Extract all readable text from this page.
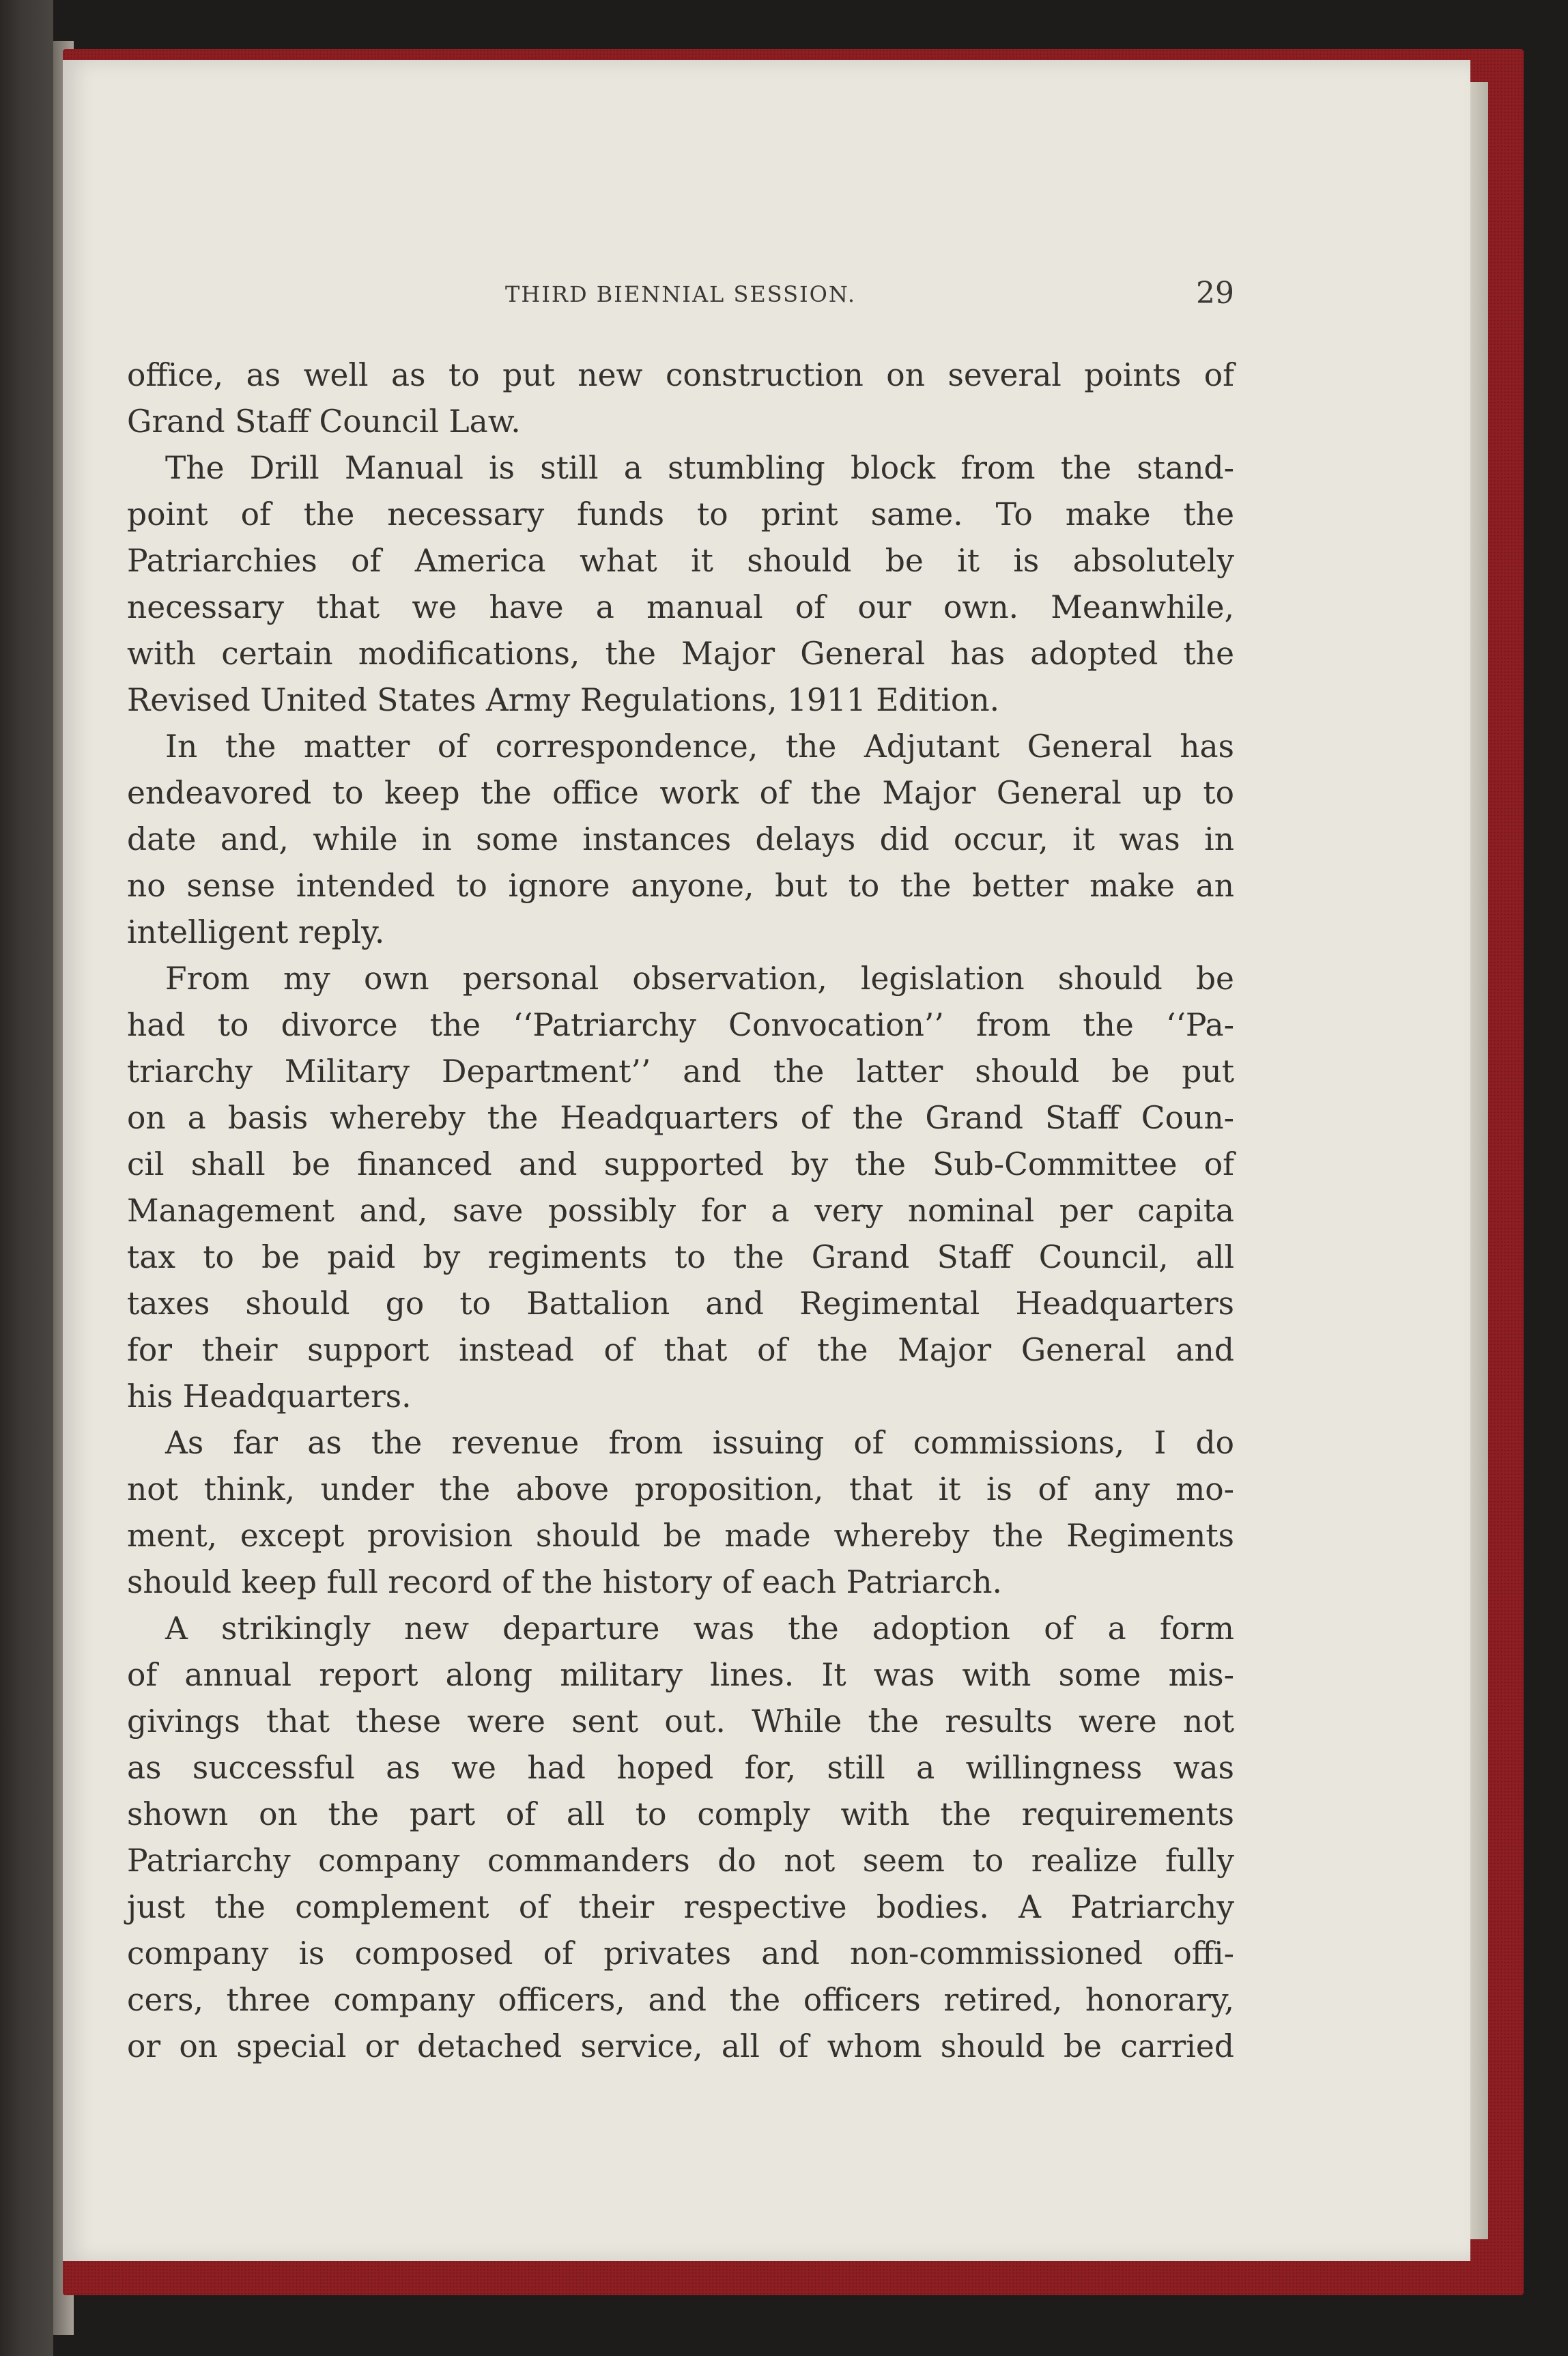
THIRD BIENNIAL SESSION.	29

office, as well as to put new construction on several points of
Grand Staff Council Law.

The Drill Manual is still a stumbling block from the stand-
point of the necessary funds to print same. To make the
Patriarchies of America what it should be it is absolutely
necessary that we have a manual of our own. Meanwhile,
with certain modifications, the Major General has adopted the
Revised United States Army Regulations, 1911 Edition.

In the matter of correspondence, the Adjutant General has
endeavored to keep the office work of the Major General up to
date and, while in some instances delays did occur, it was in
no sense intended to ignore anyone, but to the better make an
intelligent reply.

From my own personal observation, legislation should be
had to divorce the ‘‘Patriarchy Convocation’’ from the ‘‘Pa-
triarchy Military Department’’ and the latter should be put
on a basis whereby the Headquarters of the Grand Staff Coun-
cil shall be financed and supported by the Sub-Committee of
Management and, save possibly for a very nominal per capita
tax to be paid by regiments to the Grand Staff Council, all
taxes should go to Battalion and Regimental Headquarters
for their support instead of that of the Major General and
his Headquarters.

As far as the revenue from issuing of commissions, I do
not think, under the above proposition, that it is of any mo-
ment, except provision should be made whereby the Regiments
should keep full record of the history of each Patriarch.

A strikingly new departure was the adoption of a form
of annual report along military lines. It was with some mis-
givings that these were sent out. While the results were not
as successful as we had hoped for, still a willingness was
shown on the part of all to comply with the requirements
Patriarchy company commanders do not seem to realize fully
just the complement of their respective bodies. A Patriarchy
company is composed of privates and non-commissioned offi-
cers, three company officers, and the officers retired, honorary,
or on special or detached service, all of whom should be carried
